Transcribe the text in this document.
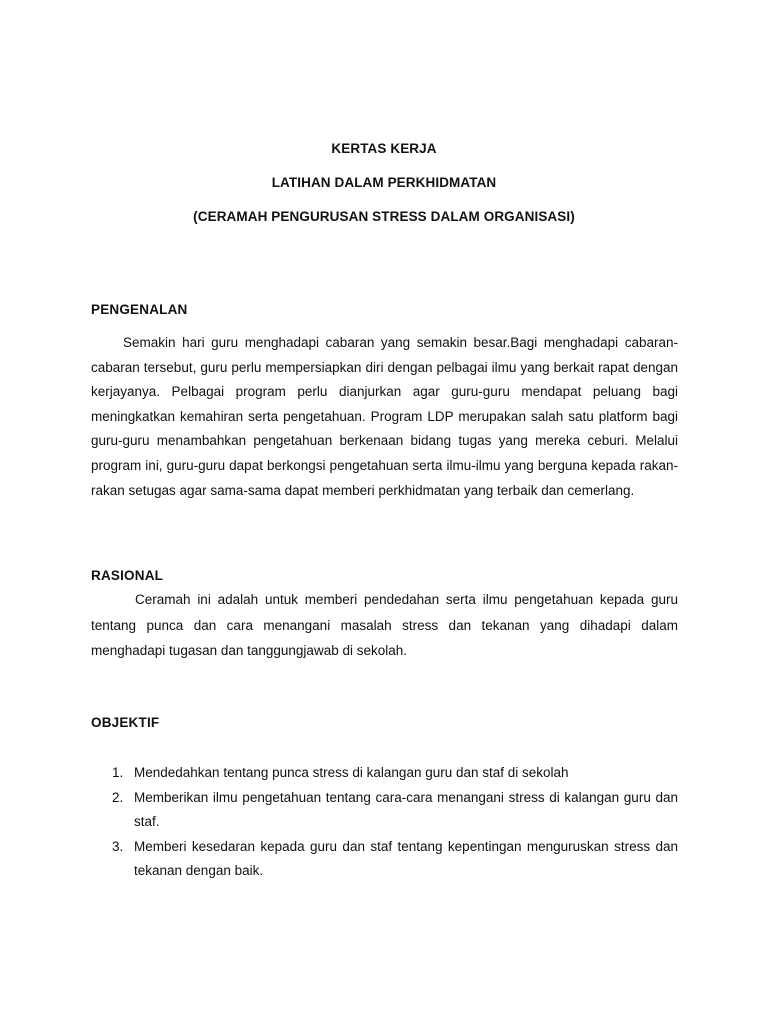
KERTAS KERJA
LATIHAN DALAM PERKHIDMATAN
(CERAMAH PENGURUSAN STRESS DALAM ORGANISASI)
PENGENALAN
Semakin hari guru menghadapi cabaran yang semakin besar.Bagi menghadapi cabaran-cabaran tersebut, guru perlu mempersiapkan diri dengan pelbagai ilmu yang berkait rapat dengan kerjayanya. Pelbagai program perlu dianjurkan agar guru-guru mendapat peluang bagi meningkatkan kemahiran serta pengetahuan. Program LDP merupakan salah satu platform bagi guru-guru menambahkan pengetahuan berkenaan bidang tugas yang mereka ceburi. Melalui program ini, guru-guru dapat berkongsi pengetahuan serta ilmu-ilmu yang berguna kepada rakan-rakan setugas agar sama-sama dapat memberi perkhidmatan yang terbaik dan cemerlang.
RASIONAL
Ceramah ini adalah untuk memberi pendedahan serta ilmu pengetahuan kepada guru tentang punca dan cara menangani masalah stress dan tekanan yang dihadapi dalam menghadapi tugasan dan tanggungjawab di sekolah.
OBJEKTIF
1. Mendedahkan tentang punca stress di kalangan guru dan staf di sekolah
2. Memberikan ilmu pengetahuan tentang cara-cara menangani stress di kalangan guru dan staf.
3. Memberi kesedaran kepada guru dan staf tentang kepentingan menguruskan stress dan tekanan dengan baik.
